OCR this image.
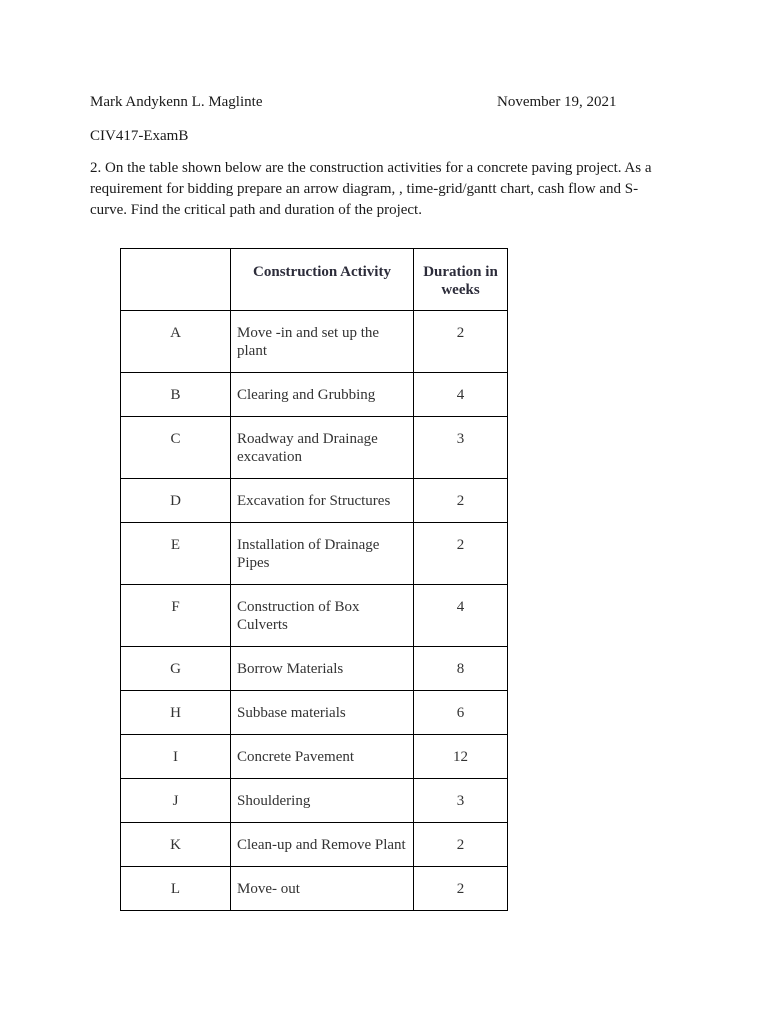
Mark Andykenn L. Maglinte	November 19, 2021
CIV417-ExamB
2. On the table shown below are the construction activities for a concrete paving project. As a requirement for bidding prepare an arrow diagram, , time-grid/gantt chart, cash flow and S-curve. Find the critical path and duration of the project.
	Construction Activity	Duration in weeks
A	Move -in and set up the plant	2
B	Clearing and Grubbing	4
C	Roadway and Drainage excavation	3
D	Excavation for Structures	2
E	Installation of Drainage Pipes	2
F	Construction of Box Culverts	4
G	Borrow Materials	8
H	Subbase materials	6
I	Concrete Pavement	12
J	Shouldering	3
K	Clean-up and Remove Plant	2
L	Move- out	2
